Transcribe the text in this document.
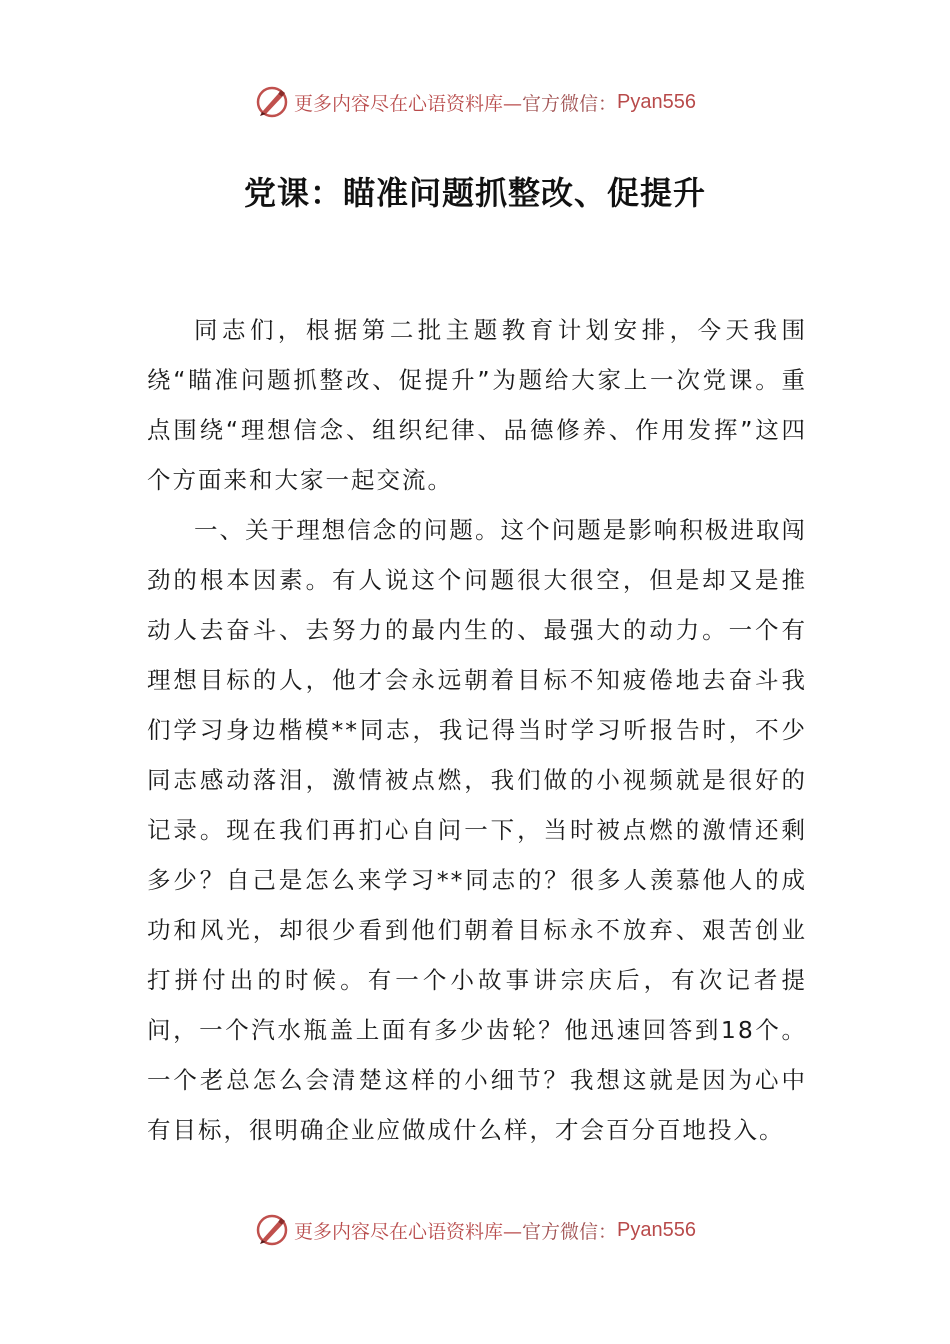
更多内容尽在心语资料库— 官方微信： Pyan556
党课：瞄准问题抓整改、促提升

同志们，根据第二批主题教育计划安排，今天我围绕“瞄准问题抓整改、促提升”为题给大家上一次党课。重点围绕“理想信念、组织纪律、品德修养、作用发挥”这四个方面来和大家一起交流。

一、关于理想信念的问题。这个问题是影响积极进取闯劲的根本因素。有人说这个问题很大很空，但是却又是推动人去奋斗、去努力的最内生的、最强大的动力。一个有理想目标的人，他才会永远朝着目标不知疲倦地去奋斗我们学习身边楷模**同志，我记得当时学习听报告时，不少同志感动落泪，激情被点燃，我们做的小视频就是很好的记录。现在我们再扪心自问一下，当时被点燃的激情还剩多少？自己是怎么来学习**同志的？很多人羡慕他人的成功和风光，却很少看到他们朝着目标永不放弃、艰苦创业打拼付出的时候。有一个小故事讲宗庆后，有次记者提问，一个汽水瓶盖上面有多少齿轮？他迅速回答到18个。一个老总怎么会清楚这样的小细节？我想这就是因为心中有目标，很明确企业应做成什么样，才会百分百地投入。

更多内容尽在心语资料库— 官方微信： Pyan556
